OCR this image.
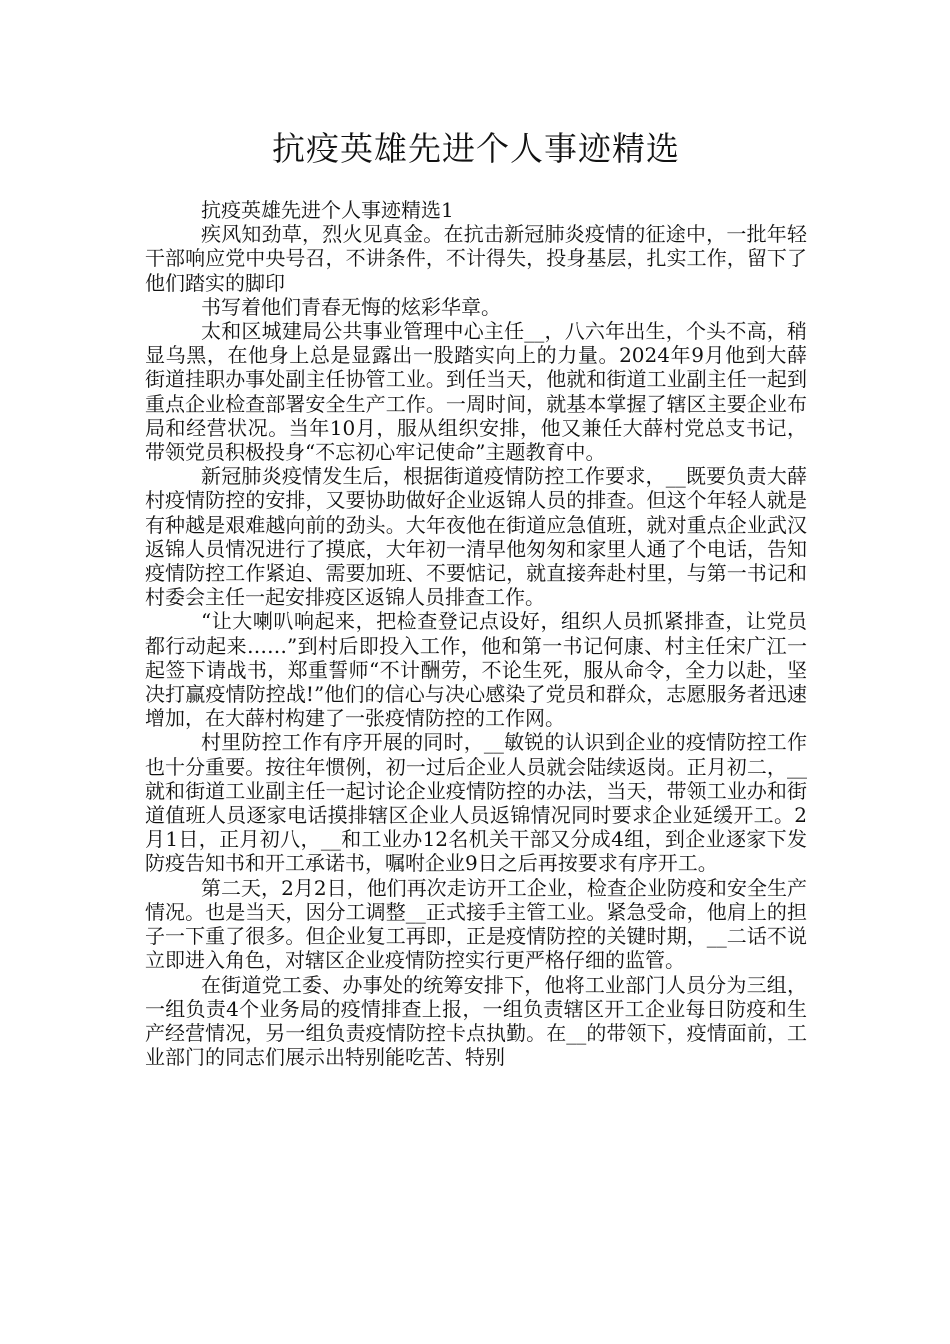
抗疫英雄先进个人事迹精选

抗疫英雄先进个人事迹精选1

疾风知劲草，烈火见真金。在抗击新冠肺炎疫情的征途中，一批年轻干部响应党中央号召，不讲条件，不计得失，投身基层，扎实工作，留下了他们踏实的脚印

书写着他们青春无悔的炫彩华章。

太和区城建局公共事业管理中心主任__，八六年出生，个头不高，稍显乌黑，在他身上总是显露出一股踏实向上的力量。2024年9月他到大薛街道挂职办事处副主任协管工业。到任当天，他就和街道工业副主任一起到重点企业检查部署安全生产工作。一周时间，就基本掌握了辖区主要企业布局和经营状况。当年10月，服从组织安排，他又兼任大薛村党总支书记，带领党员积极投身“不忘初心牢记使命”主题教育中。

新冠肺炎疫情发生后，根据街道疫情防控工作要求，__既要负责大薛村疫情防控的安排，又要协助做好企业返锦人员的排查。但这个年轻人就是有种越是艰难越向前的劲头。大年夜他在街道应急值班，就对重点企业武汉返锦人员情况进行了摸底，大年初一清早他匆匆和家里人通了个电话，告知疫情防控工作紧迫、需要加班、不要惦记，就直接奔赴村里，与第一书记和村委会主任一起安排疫区返锦人员排查工作。

“让大喇叭响起来，把检查登记点设好，组织人员抓紧排查，让党员都行动起来……”到村后即投入工作，他和第一书记何康、村主任宋广江一起签下请战书，郑重誓师“不计酬劳，不论生死，服从命令，全力以赴，坚决打赢疫情防控战!”他们的信心与决心感染了党员和群众，志愿服务者迅速增加，在大薛村构建了一张疫情防控的工作网。

村里防控工作有序开展的同时，__敏锐的认识到企业的疫情防控工作也十分重要。按往年惯例，初一过后企业人员就会陆续返岗。正月初二，__就和街道工业副主任一起讨论企业疫情防控的办法，当天，带领工业办和街道值班人员逐家电话摸排辖区企业人员返锦情况同时要求企业延缓开工。2月1日，正月初八，__和工业办12名机关干部又分成4组，到企业逐家下发防疫告知书和开工承诺书，嘱咐企业9日之后再按要求有序开工。

第二天，2月2日，他们再次走访开工企业，检查企业防疫和安全生产情况。也是当天，因分工调整__正式接手主管工业。紧急受命，他肩上的担子一下重了很多。但企业复工再即，正是疫情防控的关键时期，__二话不说立即进入角色，对辖区企业疫情防控实行更严格仔细的监管。

在街道党工委、办事处的统筹安排下，他将工业部门人员分为三组，一组负责4个业务局的疫情排查上报，一组负责辖区开工企业每日防疫和生产经营情况，另一组负责疫情防控卡点执勤。在__的带领下，疫情面前，工业部门的同志们展示出特别能吃苦、特别
